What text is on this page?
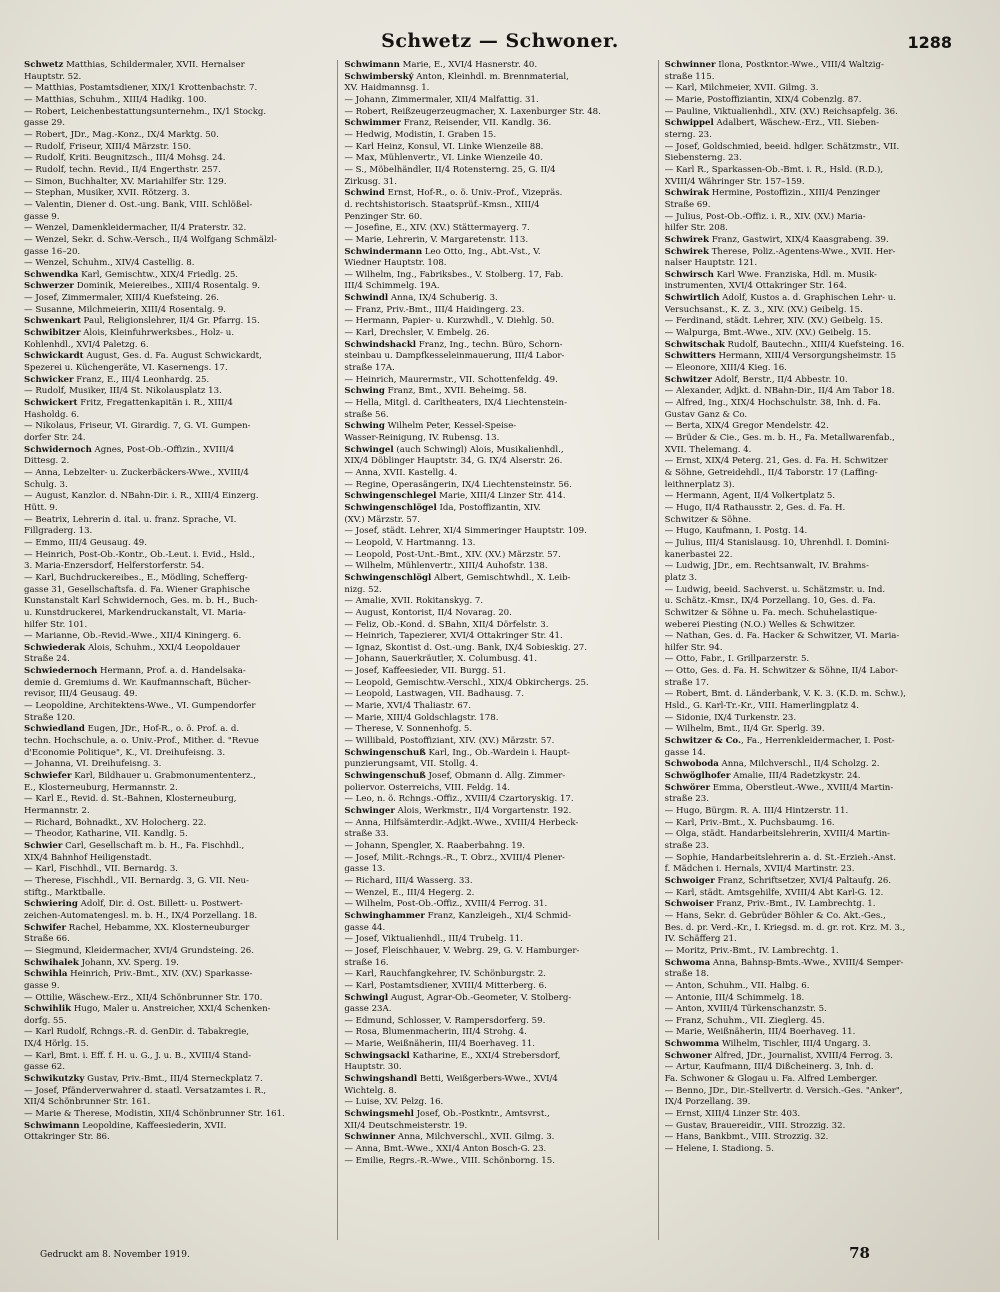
Schwetz — Schwoner.	1288
Schwetz Matthias, Schildermaler, XVII. Hernalser
Hauptstr. 52.
— Matthias, Postamtsdiener, XIX/1 Krottenbachstr. 7.
— Matthias, Schuhm., XIII/4 Hadikg. 100.
— Robert, Leichenbestattungsunternehm., IX/1 Stockg.
gasse 29.
— Robert, JDr., Mag.-Konz., IX/4 Marktg. 50.
— Rudolf, Friseur, XIII/4 Märzstr. 150.
— Rudolf, Kriti. Beugnitzsch., III/4 Mohsg. 24.
— Rudolf, techn. Revid., II/4 Engerthstr. 257.
— Simon, Buchhalter, XV. Mariahilfer Str. 129.
— Stephan, Musiker, XVII. Rötzerg. 3.
— Valentin, Diener d. Öst.-ung. Bank, VIII. Schlößel-
gasse 9.
— Wenzel, Damenkleidermacher, II/4 Praterstr. 32.
— Wenzel, Sekr. d. Schw.-Versch., II/4 Wolfgang Schmälzl-
gasse 16–20.
— Wenzel, Schuhm., XIV/4 Castellig. 8.
Schwendka Karl, Gemischtw., XIX/4 Friedlg. 25.
Schwerzer Dominik, Meiereibes., XIII/4 Rosentalg. 9.
— Josef, Zimmermaler, XIII/4 Kuefsteing. 26.
— Susanne, Milchmeierin, XIII/4 Rosentalg. 9.
Schwenkart Paul, Religionslehrer, II/4 Gr. Pfarrg. 15.
Schwibitzer Alois, Kleinfuhrwerksbes., Holz- u.
Kohlenhdl., XVI/4 Paletzg. 6.
Schwickardt August, Ges. d. Fa. August Schwickardt,
Spezerei u. Küchengeräte, VI. Kasernengs. 17.
Schwicker Franz, E., III/4 Leonhardg. 25.
— Rudolf, Musiker, III/4 St. Nikolausplatz 13.
Schwickert Fritz, Fregattenkapitän i. R., XIII/4
Hasholdg. 6.
— Nikolaus, Friseur, VI. Girardig. 7, G. VI. Gumpen-
dorfer Str. 24.
Schwidernoch Agnes, Post-Ob.-Offizin., XVIII/4
Dittesg. 2.
— Anna, Lebzelter- u. Zuckerbäckers-Wwe., XVIII/4
Schulg. 3.
— August, Kanzlor. d. NBahn-Dir. i. R., XIII/4 Einzerg.
Hütt. 9.
— Beatrix, Lehrerin d. ital. u. franz. Sprache, VI.
Fillgraderg. 13.
— Emmo, III/4 Geusaug. 49.
— Heinrich, Post-Ob.-Kontr., Ob.-Leut. i. Evid., Hsld.,
3. Maria-Enzersdorf, Helferstorferstr. 54.
— Karl, Buchdruckereibes., E., Mödling, Schefferg-
gasse 31, Gesellschaftsfa. d. Fa. Wiener Graphische
Kunstanstalt Karl Schwidernoch, Ges. m. b. H., Buch-
u. Kunstdruckerei, Markendruckanstalt, VI. Maria-
hilfer Str. 101.
— Marianne, Ob.-Revid.-Wwe., XII/4 Kiningerg. 6.
Schwiederak Alois, Schuhm., XXI/4 Leopoldauer
Straße 24.
Schwiedernoch Hermann, Prof. a. d. Handelsaka-
demie d. Gremiums d. Wr. Kaufmannschaft, Bücher-
revisor, III/4 Geusaug. 49.
— Leopoldine, Architektens-Wwe., VI. Gumpendorfer
Straße 120.
Schwiedland Eugen, JDr., Hof-R., o. ö. Prof. a. d.
techn. Hochschule, a. o. Univ.-Prof., Mither. d. "Revue
d'Economie Politique", K., VI. Dreihufeisng. 3.
— Johanna, VI. Dreihufeisng. 3.
Schwiefer Karl, Bildhauer u. Grabmonumententerz.,
E., Klosterneuburg, Hermannstr. 2.
— Karl E., Revid. d. St.-Bahnen, Klosterneuburg,
Hermannstr. 2.
— Richard, Bohnadkt., XV. Holocherg. 22.
— Theodor, Katharine, VII. Kandlg. 5.
Schwier Carl, Gesellschaft m. b. H., Fa. Fischhdl.,
XIX/4 Bahnhof Heiligenstadt.
— Karl, Fischhdl., VII. Bernardg. 3.
— Therese, Fischhdl., VII. Bernardg. 3, G. VII. Neu-
stiftg., Marktballe.
Schwiering Adolf, Dir. d. Öst. Billett- u. Postwert-
zeichen-Automatengesl. m. b. H., IX/4 Porzellang. 18.
Schwifer Rachel, Hebamme, XX. Klosterneuburger
Straße 66.
— Siegmund, Kleidermacher, XVI/4 Grundsteing. 26.
Schwihalek Johann, XV. Sperg. 19.
Schwihla Heinrich, Priv.-Bmt., XIV. (XV.) Sparkasse-
gasse 9.
— Ottilie, Wäschew.-Erz., XII/4 Schönbrunner Str. 170.
Schwihlik Hugo, Maler u. Anstreicher, XXI/4 Schenken-
dorfg. 55.
— Karl Rudolf, Rchngs.-R. d. GenDir. d. Tabakregie,
IX/4 Hörlg. 15.
— Karl, Bmt. i. Eff. f. H. u. G., J. u. B., XVIII/4 Stand-
gasse 62.
Schwikutzky Gustav, Priv.-Bmt., III/4 Sterneckplatz 7.
— Josef, Pfänderverwahrer d. staatl. Versatzamtes i. R.,
XII/4 Schönbrunner Str. 161.
— Marie & Therese, Modistin, XII/4 Schönbrunner Str. 161.
Schwimann Leopoldine, Kaffeesiederin, XVII.
Ottakringer Str. 86.
Schwimann Marie, E., XVI/4 Hasnerstr. 40.
Schwimberský Anton, Kleinhdl. m. Brennmaterial,
XV. Haidmannsg. 1.
— Johann, Zimmermaler, XII/4 Malfattig. 31.
— Robert, Reißzeugerzeugmacher, X. Laxenburger Str. 48.
Schwimmer Franz, Reisender, VII. Kandlg. 36.
— Hedwig, Modistin, I. Graben 15.
— Karl Heinz, Konsul, VI. Linke Wienzeile 88.
— Max, Mühlenvertr., VI. Linke Wienzeile 40.
— S., Möbelhändler, II/4 Rotensterng. 25, G. II/4
Zirkusg. 31.
Schwind Ernst, Hof-R., o. ö. Univ.-Prof., Vizepräs.
d. rechtshistorisch. Staatsprüf.-Kmsn., XIII/4
Penzinger Str. 60.
— Josefine, E., XIV. (XV.) Stättermayerg. 7.
— Marie, Lehrerin, V. Margaretenstr. 113.
Schwindermann Leo Otto, Ing., Abt.-Vst., V.
Wiedner Hauptstr. 108.
— Wilhelm, Ing., Fabriksbes., V. Stolberg. 17, Fab.
III/4 Schimmelg. 19A.
Schwindl Anna, IX/4 Schuberig. 3.
— Franz, Priv.-Bmt., III/4 Haidingerg. 23.
— Hermann, Papier- u. Kurzwhdl., V. Diehlg. 50.
— Karl, Drechsler, V. Embelg. 26.
Schwindshackl Franz, Ing., techn. Büro, Schorn-
steinbau u. Dampfkesseleinmauerung, III/4 Labor-
straße 17A.
— Heinrich, Maurermstr., VII. Schottenfeldg. 49.
Schwing Franz, Bmt., XVII. Beheimg. 58.
— Hella, Mitgl. d. Carltheaters, IX/4 Liechtenstein-
straße 56.
Schwing Wilhelm Peter, Kessel-Speise-
Wasser-Reinigung, IV. Rubensg. 13.
Schwingel (auch Schwingl) Alois, Musikalienhdl.,
XIX/4 Döblinger Hauptstr. 34, G. IX/4 Alserstr. 26.
— Anna, XVII. Kastellg. 4.
— Regine, Operasängerin, IX/4 Liechtensteinstr. 56.
Schwingenschlegel Marie, XIII/4 Linzer Str. 414.
Schwingenschlögel Ida, Postoffizantin, XIV.
(XV.) Märzstr. 57.
— Josef, städt. Lehrer, XI/4 Simmeringer Hauptstr. 109.
— Leopold, V. Hartmanng. 13.
— Leopold, Post-Unt.-Bmt., XIV. (XV.) Märzstr. 57.
— Wilhelm, Mühlenvertr., XIII/4 Auhofstr. 138.
Schwingenschlögl Albert, Gemischtwhdl., X. Leib-
nizg. 52.
— Amalie, XVII. Rokitanskyg. 7.
— August, Kontorist, II/4 Novarag. 20.
— Feliz, Ob.-Kond. d. SBahn, XII/4 Dörfelstr. 3.
— Heinrich, Tapezierer, XVI/4 Ottakringer Str. 41.
— Ignaz, Skontist d. Öst.-ung. Bank, IX/4 Sobieskig. 27.
— Johann, Sauerkräutler, X. Columbusg. 41.
— Josef, Kaffeesieder, VII. Burgg. 51.
— Leopold, Gemischtw.-Verschl., XIX/4 Obkirchergs. 25.
— Leopold, Lastwagen, VII. Badhausg. 7.
— Marie, XVI/4 Thaliastr. 67.
— Marie, XIII/4 Goldschlagstr. 178.
— Therese, V. Sonnenhofg. 5.
— Willibald, Postoffiziant, XIV. (XV.) Märzstr. 57.
Schwingenschuß Karl, Ing., Ob.-Wardein i. Haupt-
punzierungsamt, VII. Stollg. 4.
Schwingenschuß Josef, Obmann d. Allg. Zimmer-
poliervor. Österreichs, VIII. Feldg. 14.
— Leo, n. ö. Rchngs.-Offiz., XVIII/4 Czartoryskig. 17.
Schwinger Alois, Werkmstr., II/4 Vorgartenstr. 192.
— Anna, Hilfsämterdir.-Adjkt.-Wwe., XVIII/4 Herbeck-
straße 33.
— Johann, Spengler, X. Raaberbahng. 19.
— Josef, Milit.-Rchngs.-R., T. Obrz., XVIII/4 Plener-
gasse 13.
— Richard, III/4 Wasserg. 33.
— Wenzel, E., III/4 Hegerg. 2.
— Wilhelm, Post-Ob.-Offiz., XVIII/4 Ferrog. 31.
Schwinghammer Franz, Kanzleigeh., XI/4 Schmid-
gasse 44.
— Josef, Viktualienhdl., III/4 Trubelg. 11.
— Josef, Fleischhauer, V. Webrg. 29, G. V. Hamburger-
straße 16.
— Karl, Rauchfangkehrer, IV. Schönburgstr. 2.
— Karl, Postamtsdiener, XVIII/4 Mitterberg. 6.
Schwingl August, Agrar-Ob.-Geometer, V. Stolberg-
gasse 23A.
— Edmund, Schlosser, V. Rampersdorferg. 59.
— Rosa, Blumenmacherin, III/4 Strohg. 4.
— Marie, Weißnäherin, III/4 Boerhaveg. 11.
Schwingsackl Katharine, E., XXI/4 Strebersdorf,
Hauptstr. 30.
Schwingshandl Betti, Weißgerbers-Wwe., XVI/4
Wichtelg. 8.
— Luise, XV. Pelzg. 16.
Schwingsmehl Josef, Ob.-Postkntr., Amtsvrst.,
XII/4 Deutschmeisterstr. 19.
Schwinner Anna, Milchverschl., XVII. Gilmg. 3.
— Anna, Bmt.-Wwe., XXI/4 Anton Bosch-G. 23.
— Emilie, Regrs.-R.-Wwe., VIII. Schönborng. 15.
Schwinner Ilona, Postkntor.-Wwe., VIII/4 Waltzig-
straße 115.
— Karl, Milchmeier, XVII. Gilmg. 3.
— Marie, Postoffiziantin, XIX/4 Cobenzlg. 87.
— Pauline, Viktualienhdl., XIV. (XV.) Reichsapfelg. 36.
Schwippel Adalbert, Wäschew.-Erz., VII. Sieben-
sterng. 23.
— Josef, Goldschmied, beeid. hdlger. Schätzmstr., VII.
Siebensterng. 23.
— Karl R., Sparkassen-Ob.-Bmt. i. R., Hsld. (R.D.),
XVIII/4 Währinger Str. 157–159.
Schwirak Hermine, Postoffizin., XIII/4 Penzinger
Straße 69.
— Julius, Post-Ob.-Offiz. i. R., XIV. (XV.) Maria-
hilfer Str. 208.
Schwirek Franz, Gastwirt, XIX/4 Kaasgrabeng. 39.
Schwirek Therese, Poliz.-Agentens-Wwe., XVII. Her-
nalser Hauptstr. 121.
Schwirsch Karl Wwe. Franziska, Hdl. m. Musik-
instrumenten, XVI/4 Ottakringer Str. 164.
Schwirtlich Adolf, Kustos a. d. Graphischen Lehr- u.
Versuchsanst., K. Z. 3., XIV. (XV.) Geibelg. 15.
— Ferdinand, städt. Lehrer, XIV. (XV.) Geibelg. 15.
— Walpurga, Bmt.-Wwe., XIV. (XV.) Geibelg. 15.
Schwitschak Rudolf, Bautechn., XIII/4 Kuefsteing. 16.
Schwitters Hermann, XIII/4 Versorgungsheimstr. 15
— Eleonore, XIII/4 Kieg. 16.
Schwitzer Adolf, Berstr., II/4 Abbestr. 10.
— Alexander, Adjkt. d. NBahn-Dir., II/4 Am Tabor 18.
— Alfred, Ing., XIX/4 Hochschulstr. 38, Inh. d. Fa.
Gustav Ganz & Co.
— Berta, XIX/4 Gregor Mendelstr. 42.
— Brüder & Cie., Ges. m. b. H., Fa. Metallwarenfab.,
XVII. Thelemang. 4.
— Ernst, XIX/4 Peterg. 21, Ges. d. Fa. H. Schwitzer
& Söhne, Getreidehdl., II/4 Taborstr. 17 (Laffing-
leithnerplatz 3).
— Hermann, Agent, II/4 Volkertplatz 5.
— Hugo, II/4 Rathausstr. 2, Ges. d. Fa. H.
Schwitzer & Söhne.
— Hugo, Kaufmann, I. Postg. 14.
— Julius, III/4 Stanislausg. 10, Uhrenhdl. I. Domini-
kanerbastei 22.
— Ludwig, JDr., em. Rechtsanwalt, IV. Brahms-
platz 3.
— Ludwig, beeid. Sachverst. u. Schätzmstr. u. Ind.
u. Schätz.-Kmsr., IX/4 Porzellang. 10, Ges. d. Fa.
Schwitzer & Söhne u. Fa. mech. Schuhelastique-
weberei Piesting (N.Ö.) Welles & Schwitzer.
— Nathan, Ges. d. Fa. Hacker & Schwitzer, VI. Maria-
hilfer Str. 94.
— Otto, Fabr., I. Grillparzerstr. 5.
— Otto, Ges. d. Fa. H. Schwitzer & Söhne, II/4 Labor-
straße 17.
— Robert, Bmt. d. Länderbank, V. K. 3. (K.D. m. Schw.),
Hsld., G. Karl-Tr.-Kr., VIII. Hamerlingplatz 4.
— Sidonie, IX/4 Turkenstr. 23.
— Wilhelm, Bmt., II/4 Gr. Sperlg. 39.
Schwitzer & Co., Fa., Herrenkleidermacher, I. Post-
gasse 14.
Schwoboda Anna, Milchverschl., II/4 Scholzg. 2.
Schwöglhofer Amalie, III/4 Radetzkystr. 24.
Schwörer Emma, Oberstleut.-Wwe., XVIII/4 Martin-
straße 23.
— Hugo, Bürgm. R. A. III/4 Hintzerstr. 11.
— Karl, Priv.-Bmt., X. Puchsbaumg. 16.
— Olga, städt. Handarbeitslehrerin, XVIII/4 Martin-
straße 23.
— Sophie, Handarbeitslehrerin a. d. St.-Erzieh.-Anst.
f. Mädchen i. Hernals, XVII/4 Martinstr. 23.
Schwoiger Franz, Schriftsetzer, XVI/4 Paltaufg. 26.
— Karl, städt. Amtsgehilfe, XVIII/4 Abt Karl-G. 12.
Schwoiser Franz, Priv.-Bmt., IV. Lambrechtg. 1.
— Hans, Sekr. d. Gebrüder Böhler & Co. Akt.-Ges.,
Bes. d. pr. Verd.-Kr., I. Kriegsd. m. d. gr. rot. Krz. M. 3.,
IV. Schäfferg 21.
— Moritz, Priv.-Bmt., IV. Lambrechtg. 1.
Schwoma Anna, Bahnsp-Bmts.-Wwe., XVIII/4 Semper-
straße 18.
— Anton, Schuhm., VII. Halbg. 6.
— Antonie, III/4 Schimmelg. 18.
— Anton, XVIII/4 Türkenschanzstr. 5.
— Franz, Schuhm., VII. Zieglerg. 45.
— Marie, Weißnäherin, III/4 Boerhaveg. 11.
Schwomma Wilhelm, Tischler, III/4 Ungarg. 3.
Schwoner Alfred, JDr., Journalist, XVIII/4 Ferrog. 3.
— Artur, Kaufmann, III/4 Dißcheinerg. 3, Inh. d.
Fa. Schwoner & Glogau u. Fa. Alfred Lemberger.
— Benno, JDr., Dir.-Stellvertr. d. Versich.-Ges. "Anker",
IX/4 Porzellang. 39.
— Ernst, XIII/4 Linzer Str. 403.
— Gustav, Brauereidir., VIII. Strozzig. 32.
— Hans, Bankbmt., VIII. Strozzig. 32.
— Helene, I. Stadiong. 5.
Gedruckt am 8. November 1919.	78
